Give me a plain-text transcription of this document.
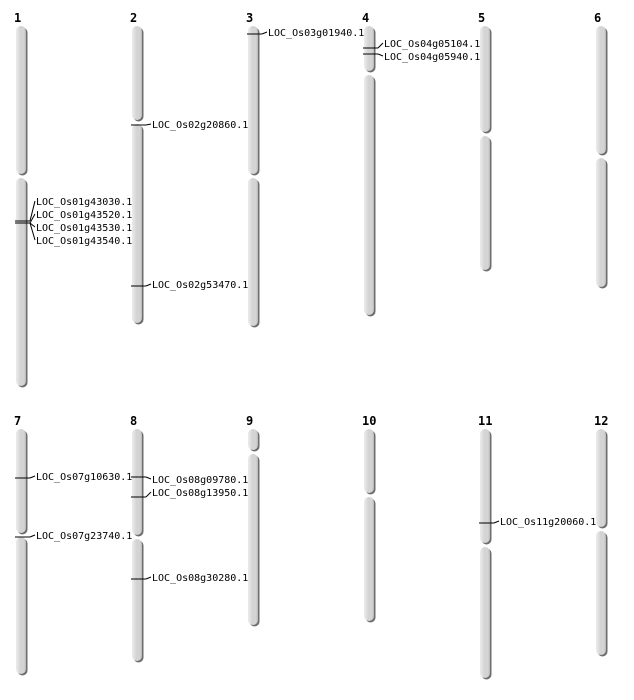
1
LOC_Os01g43030.1
LOC_Os01g43520.1
LOC_Os01g43530.1
LOC_Os01g43540.1
2
LOC_Os02g20860.1
LOC_Os02g53470.1
3
LOC_Os03g01940.1
4
LOC_Os04g05104.1
LOC_Os04g05940.1
5	6
7
LOC_Os07g10630.1
LOC_Os07g23740.1
8
LOC_Os08g09780.1
LOC_Os08g13950.1
LOC_Os08g30280.1
9	10	11
LOC_Os11g20060.1
12
